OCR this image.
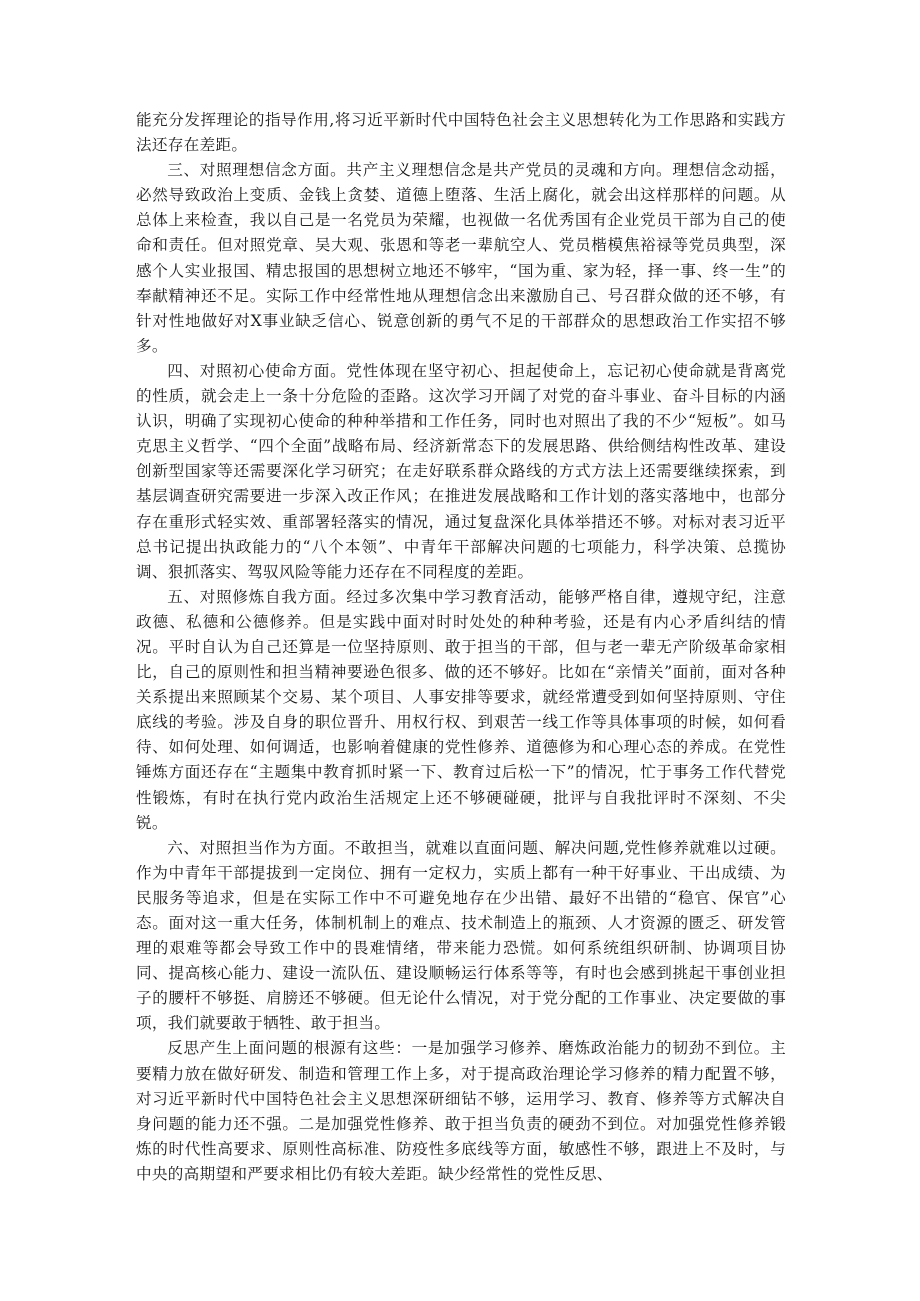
能充分发挥理论的指导作用,将习近平新时代中国特色社会主义思想转化为工作思路和实践方法还存在差距。

三、对照理想信念方面。共产主义理想信念是共产党员的灵魂和方向。理想信念动摇，必然导致政治上变质、金钱上贪婪、道德上堕落、生活上腐化，就会出这样那样的问题。从总体上来检查，我以自己是一名党员为荣耀，也视做一名优秀国有企业党员干部为自己的使命和责任。但对照党章、吴大观、张恩和等老一辈航空人、党员楷模焦裕禄等党员典型，深感个人实业报国、精忠报国的思想树立地还不够牢，“国为重、家为轻，择一事、终一生”的奉献精神还不足。实际工作中经常性地从理想信念出来激励自己、号召群众做的还不够，有针对性地做好对X事业缺乏信心、锐意创新的勇气不足的干部群众的思想政治工作实招不够多。

四、对照初心使命方面。党性体现在坚守初心、担起使命上，忘记初心使命就是背离党的性质，就会走上一条十分危险的歪路。这次学习开阔了对党的奋斗事业、奋斗目标的内涵认识，明确了实现初心使命的种种举措和工作任务，同时也对照出了我的不少“短板”。如马克思主义哲学、“四个全面”战略布局、经济新常态下的发展思路、供给侧结构性改革、建设创新型国家等还需要深化学习研究；在走好联系群众路线的方式方法上还需要继续探索，到基层调查研究需要进一步深入改正作风；在推进发展战略和工作计划的落实落地中，也部分存在重形式轻实效、重部署轻落实的情况，通过复盘深化具体举措还不够。对标对表习近平总书记提出执政能力的“八个本领”、中青年干部解决问题的七项能力，科学决策、总揽协调、狠抓落实、驾驭风险等能力还存在不同程度的差距。

五、对照修炼自我方面。经过多次集中学习教育活动，能够严格自律，遵规守纪，注意政德、私德和公德修养。但是实践中面对时时处处的种种考验，还是有内心矛盾纠结的情况。平时自认为自己还算是一位坚持原则、敢于担当的干部，但与老一辈无产阶级革命家相比，自己的原则性和担当精神要逊色很多、做的还不够好。比如在“亲情关”面前，面对各种关系提出来照顾某个交易、某个项目、人事安排等要求，就经常遭受到如何坚持原则、守住底线的考验。涉及自身的职位晋升、用权行权、到艰苦一线工作等具体事项的时候，如何看待、如何处理、如何调适，也影响着健康的党性修养、道德修为和心理心态的养成。在党性锤炼方面还存在“主题集中教育抓时紧一下、教育过后松一下”的情况，忙于事务工作代替党性锻炼，有时在执行党内政治生活规定上还不够硬碰硬，批评与自我批评时不深刻、不尖锐。

六、对照担当作为方面。不敢担当，就难以直面问题、解决问题,党性修养就难以过硬。作为中青年干部提拔到一定岗位、拥有一定权力，实质上都有一种干好事业、干出成绩、为民服务等追求，但是在实际工作中不可避免地存在少出错、最好不出错的“稳官、保官”心态。面对这一重大任务，体制机制上的难点、技术制造上的瓶颈、人才资源的匮乏、研发管理的艰难等都会导致工作中的畏难情绪，带来能力恐慌。如何系统组织研制、协调项目协同、提高核心能力、建设一流队伍、建设顺畅运行体系等等，有时也会感到挑起干事创业担子的腰杆不够挺、肩膀还不够硬。但无论什么情况，对于党分配的工作事业、决定要做的事项，我们就要敢于牺牲、敢于担当。

反思产生上面问题的根源有这些：一是加强学习修养、磨炼政治能力的韧劲不到位。主要精力放在做好研发、制造和管理工作上多，对于提高政治理论学习修养的精力配置不够，对习近平新时代中国特色社会主义思想深研细钻不够，运用学习、教育、修养等方式解决自身问题的能力还不强。二是加强党性修养、敢于担当负责的硬劲不到位。对加强党性修养锻炼的时代性高要求、原则性高标准、防疫性多底线等方面，敏感性不够，跟进上不及时，与中央的高期望和严要求相比仍有较大差距。缺少经常性的党性反思、
